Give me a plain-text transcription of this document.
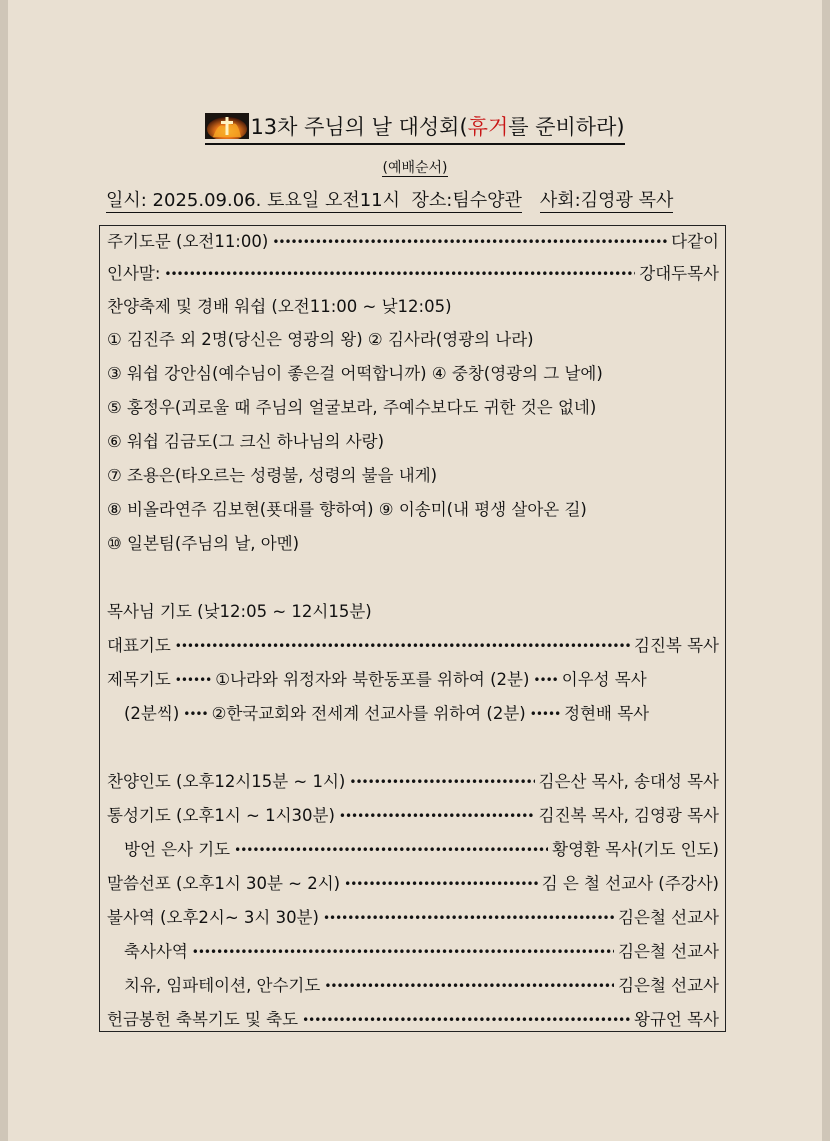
13차 주님의 날 대성회(휴거를 준비하라)
(예배순서)
일시: 2025.09.06. 토요일 오전11시 장소:팀수양관 사회:김영광 목사
주기도문 (오전11:00) •••••	다같이
인사말: •••••	강대두목사
찬양축제 및 경배 워쉽 (오전11:00 ~ 낮12:05)
① 김진주 외 2명(당신은 영광의 왕) ② 김사라(영광의 나라)
③ 워쉽 강안심(예수님이 좋은걸 어떡합니까) ④ 중창(영광의 그 날에)
⑤ 홍정우(괴로울 때 주님의 얼굴보라, 주예수보다도 귀한 것은 없네)
⑥ 워쉽 김금도(그 크신 하나님의 사랑)
⑦ 조용은(타오르는 성령불, 성령의 불을 내게)
⑧ 비올라연주 김보현(푯대를 향하여) ⑨ 이송미(내 평생 살아온 길)
⑩ 일본팀(주님의 날, 아멘)
목사님 기도 (낮12:05 ~ 12시15분)
대표기도 •••••	김진복 목사
제목기도 •••••• ①나라와 위정자와 북한동포를 위하여 (2분) •••• 이우성 목사
(2분씩) •••• ②한국교회와 전세계 선교사를 위하여 (2분) ••••• 정현배 목사
찬양인도 (오후12시15분 ~ 1시) •••••	김은산 목사, 송대성 목사
통성기도 (오후1시 ~ 1시30분) •••••	김진복 목사, 김영광 목사
방언 은사 기도 •••••	황영환 목사(기도 인도)
말씀선포 (오후1시 30분 ~ 2시) •••••	김 은 철 선교사 (주강사)
불사역 (오후2시~ 3시 30분) •••••	김은철 선교사
축사사역 •••••	김은철 선교사
치유, 임파테이션, 안수기도 •••••	김은철 선교사
헌금봉헌 축복기도 및 축도 •••••	왕규언 목사
